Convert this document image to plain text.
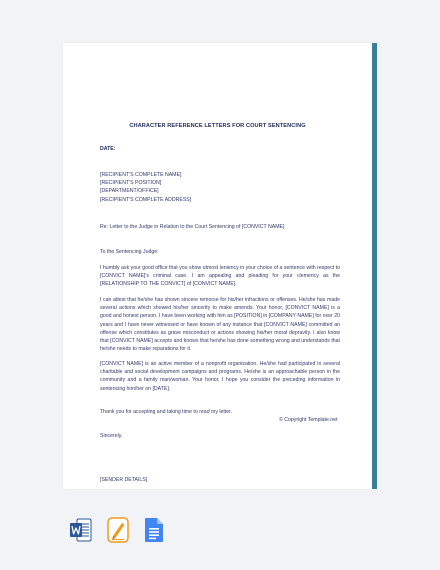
CHARACTER REFERENCE LETTERS FOR COURT SENTENCING

DATE:

[RECIPIENT'S COMPLETE NAME]
[RECIPIENT'S POSITION]
[DEPARTMENT/OFFICE]
[RECIPIENT'S COMPLETE ADDRESS]

Re: Letter to the Judge in Relation to the Court Sentencing of [CONVICT NAME]

To the Sentencing Judge:

I humbly ask your good office that you show utmost leniency in your choice of a sentence with respect to [CONVICT NAME]'s criminal case. I am appealing and pleading for your clemency as the [RELATIONSHIP TO THE CONVICT] of [CONVICT NAME].

I can attest that he/she has shown sincere remorse for his/her infractions or offenses. He/she has made several actions which showed his/her sincerity to make amends. Your honor, [CONVICT NAME] is a good and honest person. I have been working with him as [POSITION] in [COMPANY NAME] for over 20 years and I have never witnessed or have known of any instance that [CONVICT NAME] committed an offense which constitutes as grave misconduct or actions showing his/her moral depravity. I also know that [CONVICT NAME] accepts and knows that he/she has done something wrong and understands that he/she needs to make reparations for it.

[CONVICT NAME] is an active member of a nonprofit organization. He/she had participated in several charitable and social development campaigns and programs. He/she is an approachable person in the community and a family man/woman. Your honor, I hope you consider the preceding information in sentencing him/her on [DATE].

Thank you for accepting and taking time to read my letter.

Sincerely,

[SENDER DETAILS]

© Copyright Template.net
